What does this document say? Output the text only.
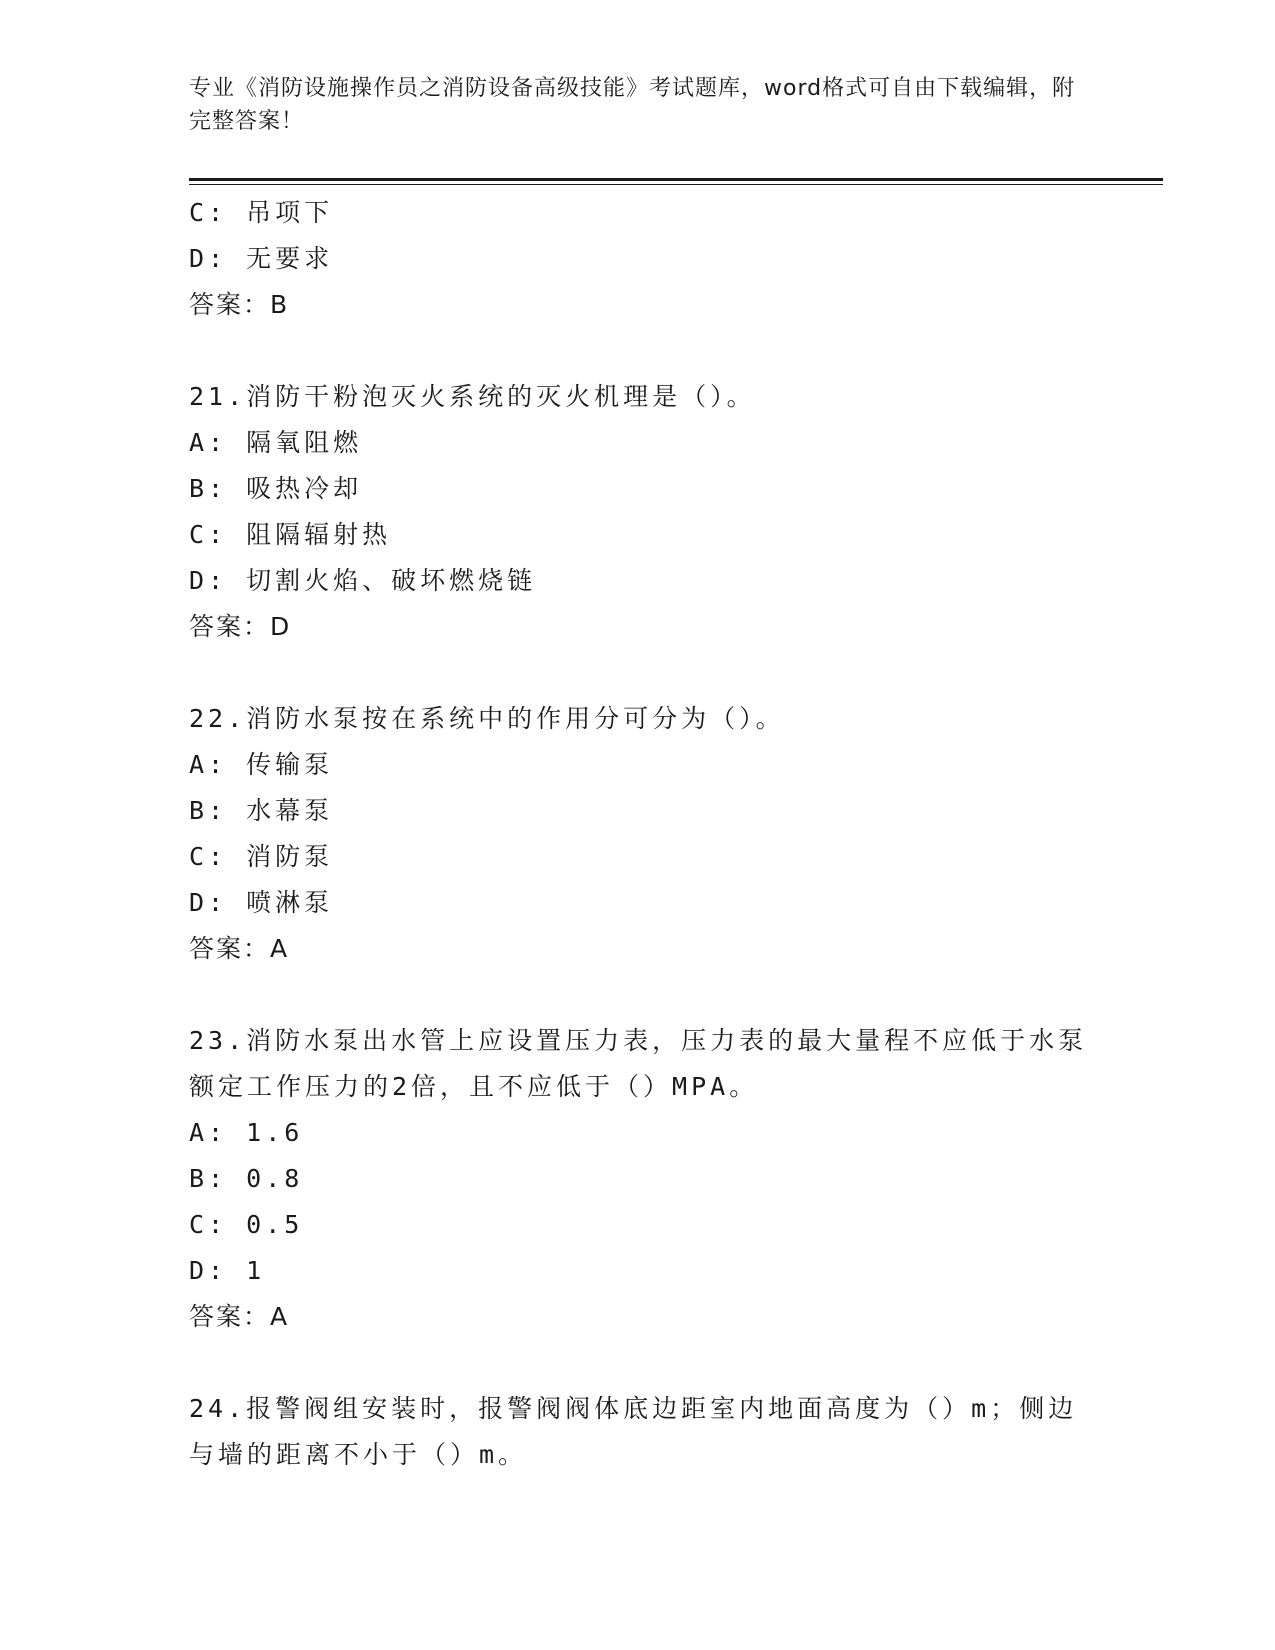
专业《消防设施操作员之消防设备高级技能》考试题库，word格式可自由下载编辑，附完整答案！
C: 吊项下
D: 无要求
答案：B
21.消防干粉泡灭火系统的灭火机理是（）。
A: 隔氧阻燃
B: 吸热冷却
C: 阻隔辐射热
D: 切割火焰、破坏燃烧链
答案：D
22.消防水泵按在系统中的作用分可分为（）。
A: 传输泵
B: 水幕泵
C: 消防泵
D: 喷淋泵
答案：A
23.消防水泵出水管上应设置压力表，压力表的最大量程不应低于水泵额定工作压力的2倍，且不应低于（）MPA。
A: 1.6
B: 0.8
C: 0.5
D: 1
答案：A
24.报警阀组安装时，报警阀阀体底边距室内地面高度为（）m；侧边与墙的距离不小于（）m。
